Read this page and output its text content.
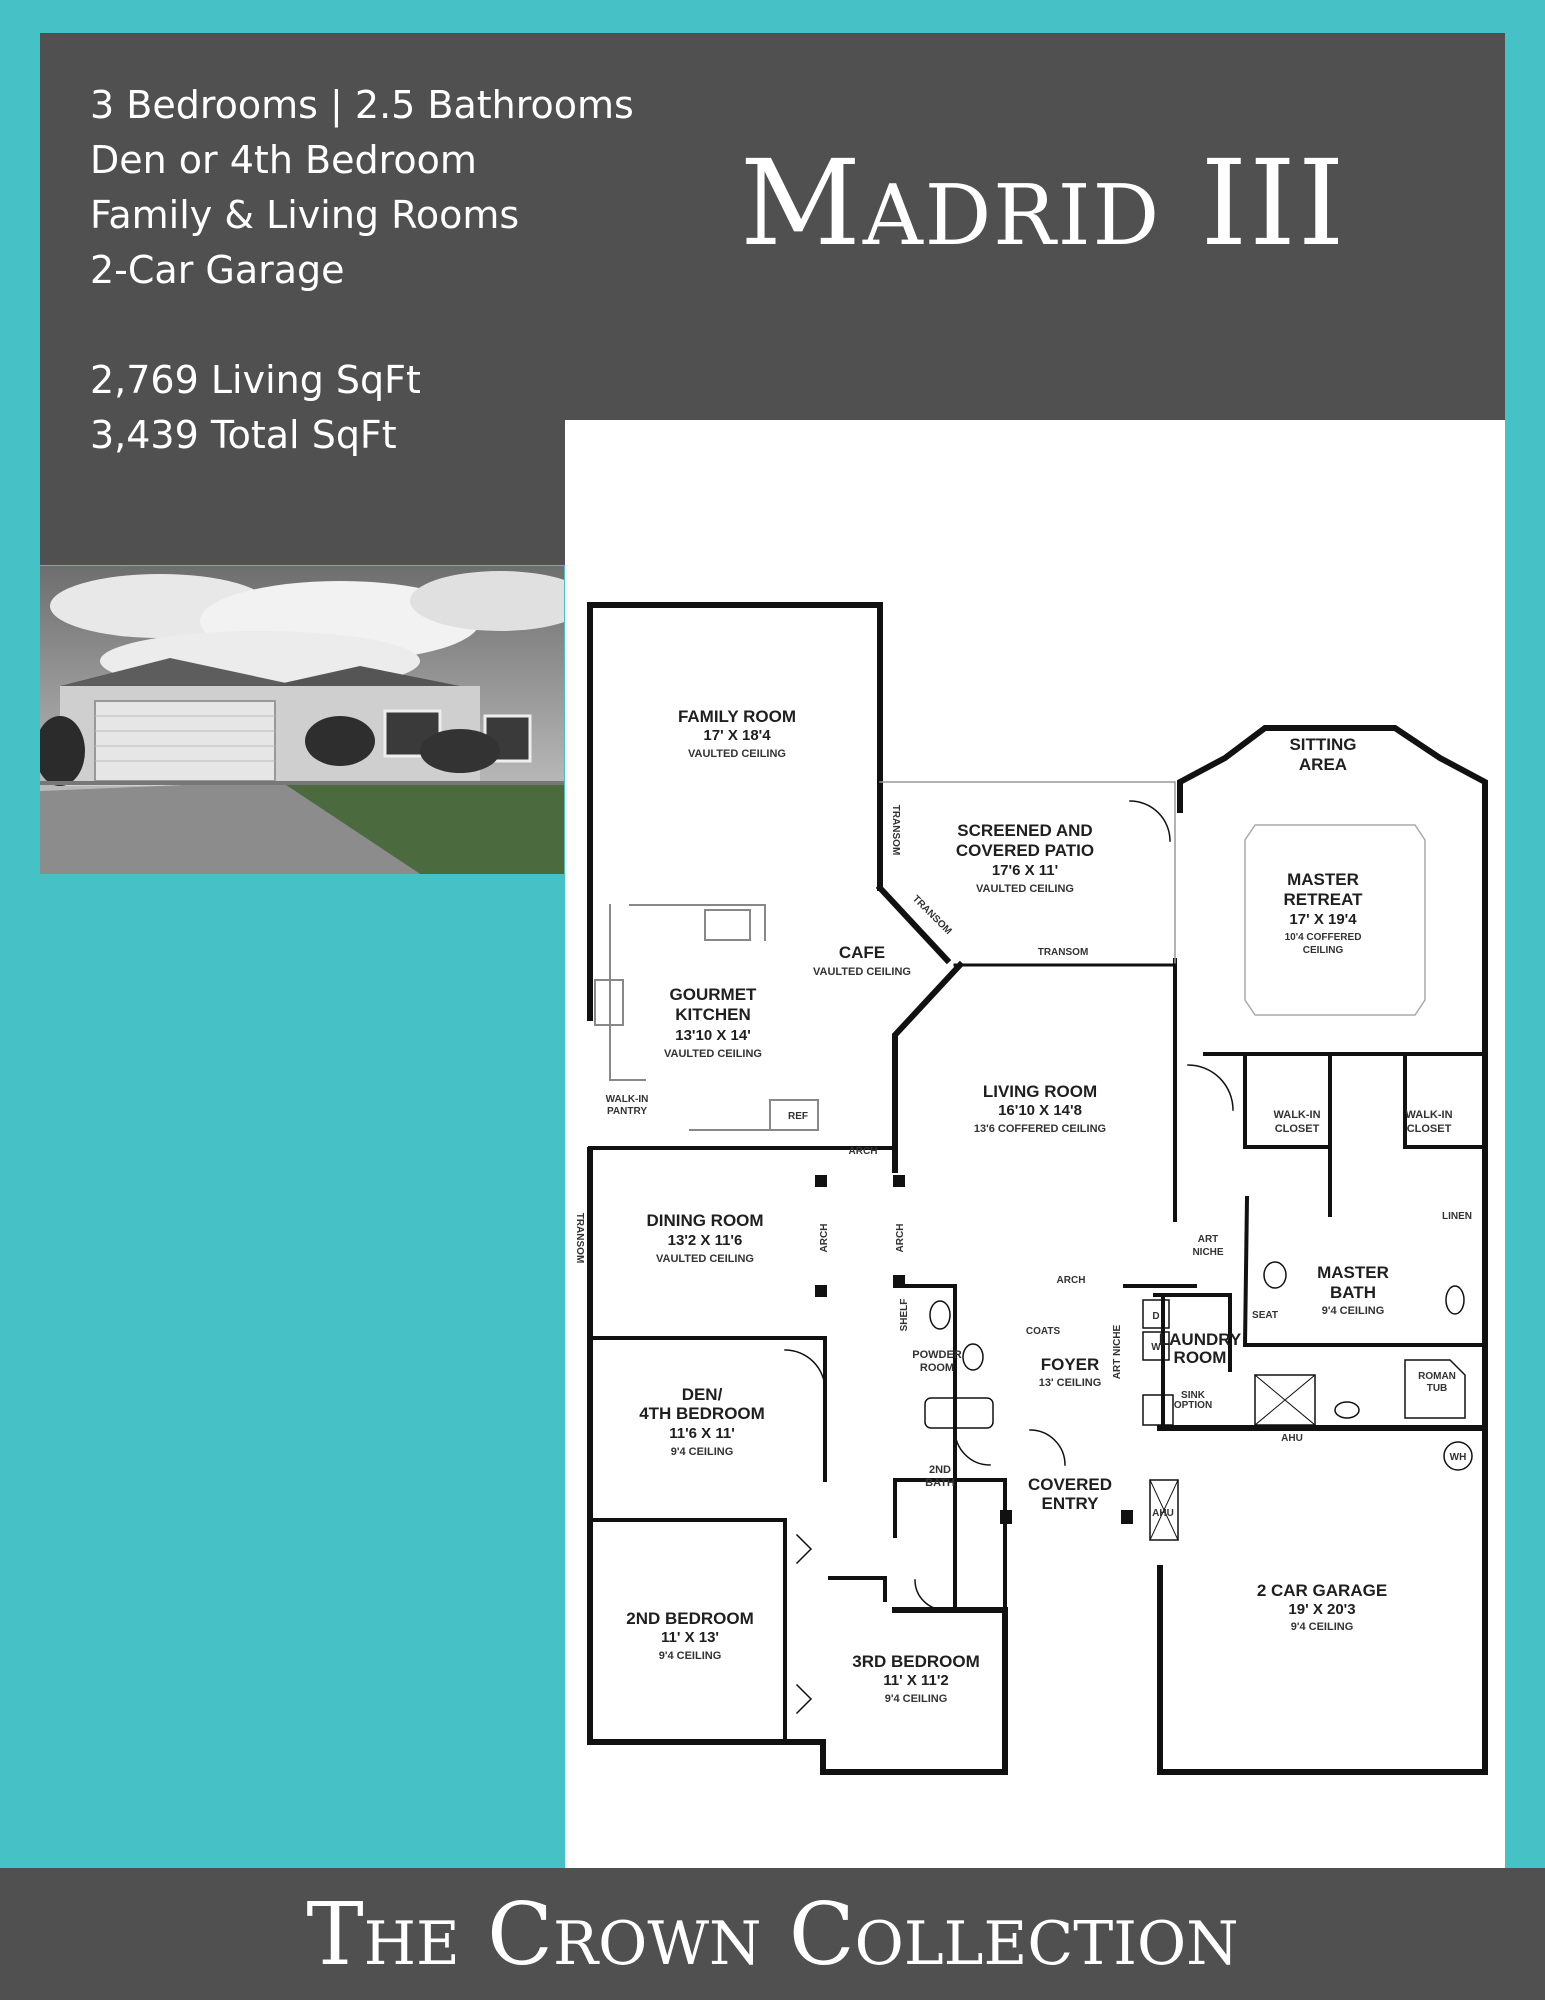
3 Bedrooms | 2.5 Bathrooms
Den or 4th Bedroom
Family & Living Rooms
2-Car Garage
2,769 Living SqFt
3,439 Total SqFt
Madrid III
FAMILY ROOM
17' X 18'4
VAULTED CEILING
SCREENED AND
COVERED PATIO
17'6 X 11'
VAULTED CEILING
SITTING
AREA
MASTER
RETREAT
17' X 19'4
10'4 COFFERED
CEILING
CAFE
VAULTED CEILING
GOURMET
KITCHEN
13'10 X 14'
VAULTED CEILING
LIVING ROOM
16'10 X 14'8
13'6 COFFERED CEILING
WALK-IN
PANTRY	REF	WALK-IN
CLOSET
WALK-IN
CLOSET
DINING ROOM
13'2 X 11'6
VAULTED CEILING
MASTER
BATH
9'4 CEILING
LINEN
ART
NICHE
SEAT
ROMAN
TUB
DEN/
4TH BEDROOM
11'6 X 11'
9'4 CEILING
POWDER
ROOM
COATS
SHELF
FOYER
13' CEILING
ART NICHE LAUNDRY
ROOM
D
W
SINK
OPTION
2ND
BATH	COVERED
ENTRY
2 CAR GARAGE
19' X 20'3
9'4 CEILING
AHU
AHU
WH
2ND BEDROOM
11' X 13'
9'4 CEILING	3RD BEDROOM
11' X 11'2
9'4 CEILING
ARCH
ARCH
ARCH	ARCH
TRANSOM
TRANSOM
TRANSOM
TRANSOM
The Crown Collection
